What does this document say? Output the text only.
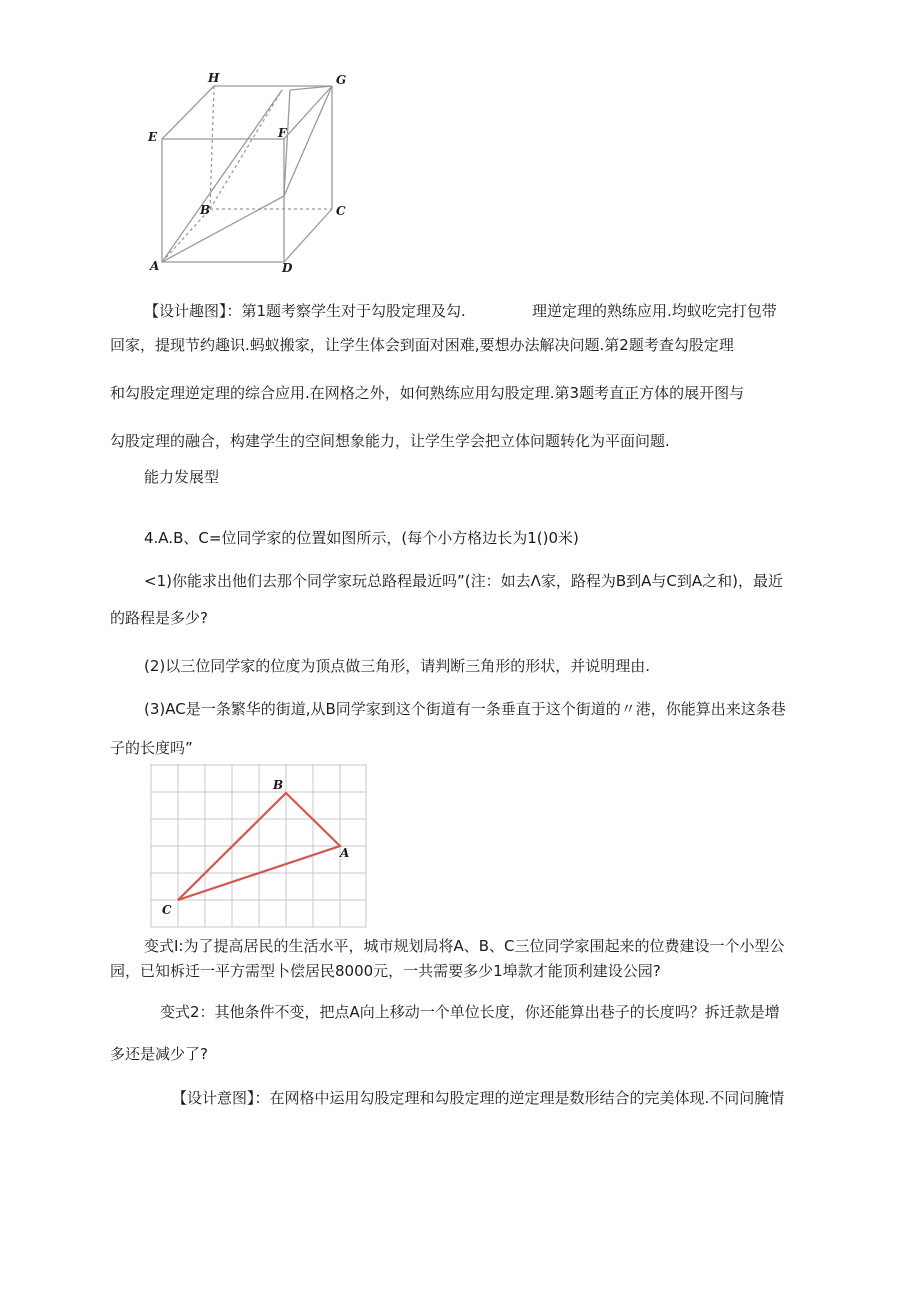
H	G
E	F
B	C
A	D
【设计趣图】：第1题考察学生对于勾股定理及勾.	理逆定理的熟练应用.均蚁吃完打包带
回家，提现节约趣识.蚂蚁搬家，让学生体会到面对困难,要想办法解决问题.第2题考查勾股定理
和勾股定理逆定理的综合应用.在网格之外，如何熟练应用勾股定理.第3题考直正方体的展开图与
勾股定理的融合，构建学生的空间想象能力，让学生学会把立体问题转化为平面问题.
能力发展型
4.A.B、C=位同学家的位置如图所示，(每个小方格边长为1()0米)
<1)你能求出他们去那个同学家玩总路程最近吗”(注：如去Λ家，路程为B到A与C到A之和)，最近
的路程是多少?
(2)以三位同学家的位度为顶点做三角形，请判断三角形的形状，并说明理由.
(3)AC是一条繁华的街道,从B同学家到这个街道有一条垂直于这个街道的〃港，你能算出来这条巷
子的长度吗”
B
A
C
变式I:为了提高居民的生活水平，城市规划局将A、B、C三位同学家围起来的位费建设一个小型公
园，已知柝迁一平方需型卜偿居民8000元，一共需要多少1埠款才能顶利建设公园?
变式2：其他条件不变，把点A向上移动一个单位长度，你还能算出巷子的长度吗？拆迁款是增
多还是减少了?
【设计意图】：在网格中运用勾股定理和勾股定理的逆定理是数形结合的完美体现.不同问腌情
